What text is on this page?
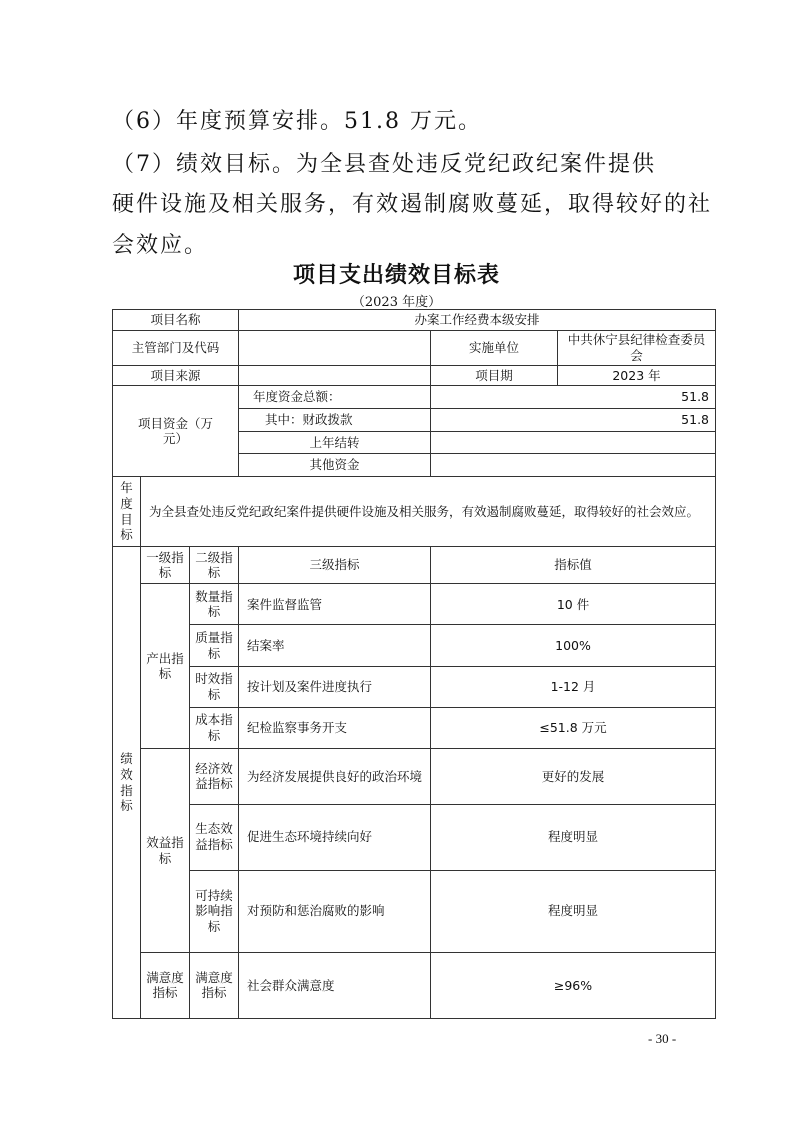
（6）年度预算安排。51.8 万元。
（7）绩效目标。为全县查处违反党纪政纪案件提供
硬件设施及相关服务，有效遏制腐败蔓延，取得较好的社
会效应。
项目支出绩效目标表
（2023 年度）
项目名称			办案工作经费本级安排		
主管部门及代码				实施单位	中共休宁县纪律检查委员会
项目来源				项目期	2023 年
项目资金（万元）			年度资金总额：	51.8	
			其中：财政拨款	51.8	
			上年结转		
			其他资金		
年度目标	为全县查处违反党纪政纪案件提供硬件设施及相关服务，有效遏制腐败蔓延，取得较好的社会效应。				
绩效指标	一级指标	二级指标	三级指标	指标值	
	产出指标	数量指标	案件监督监管	10 件	
		质量指标	结案率	100%	
		时效指标	按计划及案件进度执行	1-12 月	
		成本指标	纪检监察事务开支	≤51.8 万元	
	效益指标	经济效益指标	为经济发展提供良好的政治环境	更好的发展	
		生态效益指标	促进生态环境持续向好	程度明显	
		可持续影响指标	对预防和惩治腐败的影响	程度明显	
	满意度指标	满意度指标	社会群众满意度	≥96%	
- 30 -
